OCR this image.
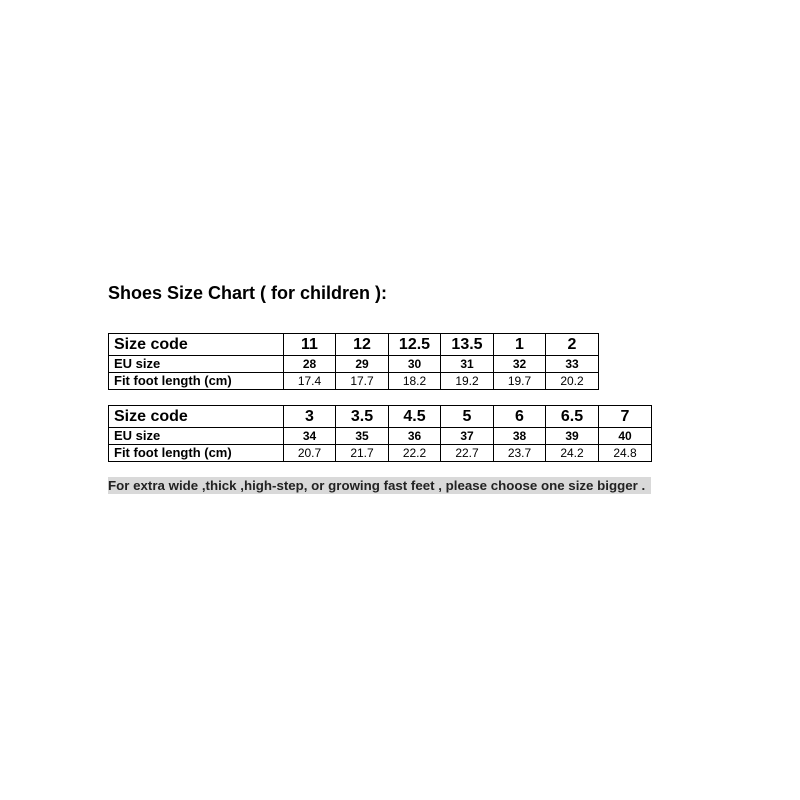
Shoes Size Chart ( for children ):
Size code	11	12	12.5	13.5	1	2
EU size	28	29	30	31	32	33
Fit foot length (cm)	17.4	17.7	18.2	19.2	19.7	20.2
Size code	3	3.5	4.5	5	6	6.5	7
EU size	34	35	36	37	38	39	40
Fit foot length (cm)	20.7	21.7	22.2	22.7	23.7	24.2	24.8
For extra wide ,thick ,high-step, or growing fast feet , please choose one size bigger .
